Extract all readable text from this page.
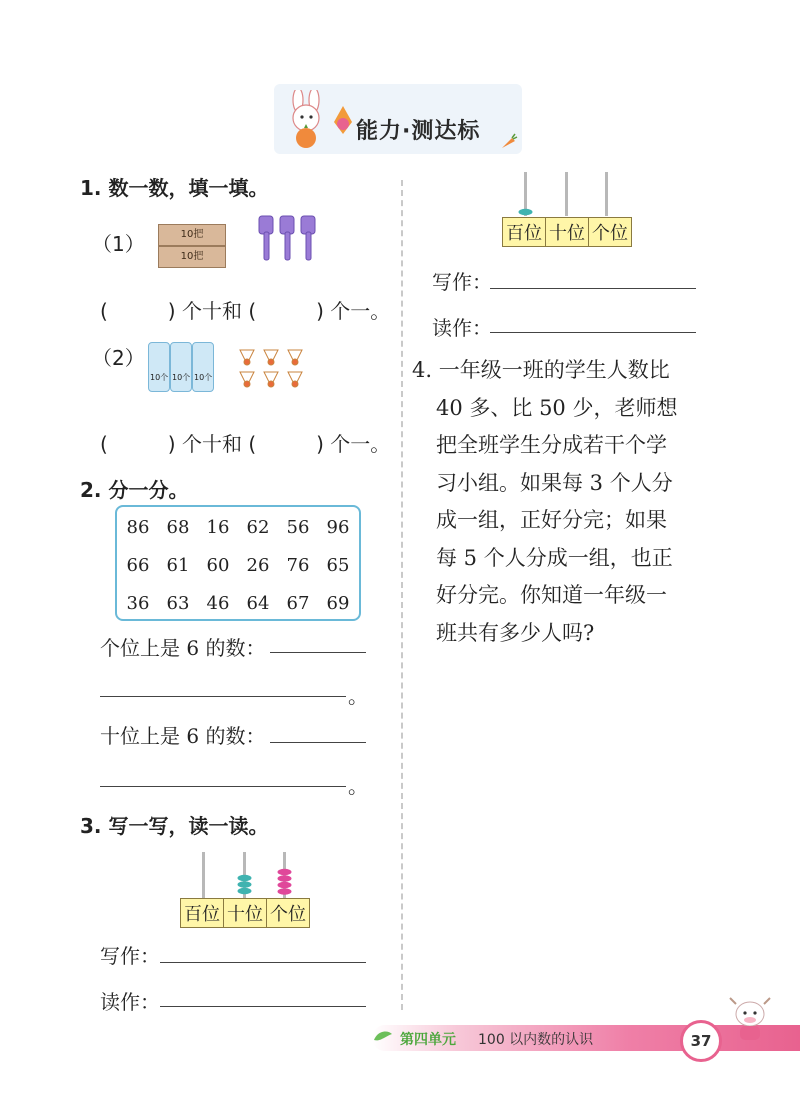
能力·测达标
1. 数一数，填一填。
（1）	10把
10把
(　　　) 个十和 (　　　) 个一。
（2）
10个 10个 10个
(　　　) 个十和 (　　　) 个一。
2. 分一分。
86 68 16 62 56 96
66 61 60 26 76 65
36 63 46 64 67 69
个位上是 6 的数：
。
十位上是 6 的数：
。
3. 写一写，读一读。
百位 十位 个位
写作：
读作：
百位 十位 个位
写作：
读作：
4. 一年级一班的学生人数比
40 多、比 50 少，老师想
把全班学生分成若干个学
习小组。如果每 3 个人分
成一组，正好分完；如果
每 5 个人分成一组，也正
好分完。你知道一年级一
班共有多少人吗?
第四单元 100 以内数的认识	37
